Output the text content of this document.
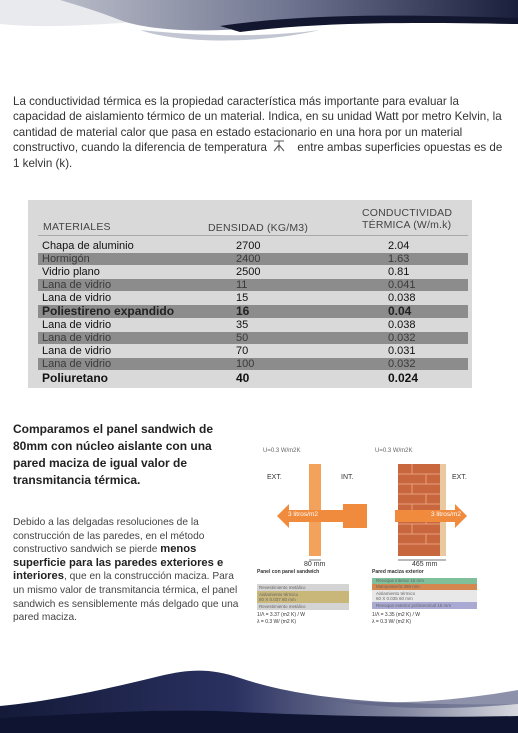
La conductividad térmica es la propiedad característica más importante para evaluar la capacidad de aislamiento térmico de un material. Indica, en su unidad Watt por metro Kelvin, la cantidad de material calor que pasa en estado estacionario en una hora por un material constructivo, cuando la diferencia de temperatura	entre ambas superficies opuestas es de 1 kelvin (k).
MATERIALES	DENSIDAD (KG/M3)
CONDUCTIVIDAD
TÉRMICA (W/m.k)
Chapa de aluminio	2700	2.04
Hormigón	2400	1.63
Vidrio plano	2500	0.81
Lana de vidrio	11	0.041
Lana de vidrio	15	0.038
Poliestireno expandido	16	0.04
Lana de vidrio	35	0.038
Lana de vidrio	50	0.032
Lana de vidrio	70	0.031
Lana de vidrio	100	0.032
Poliuretano	40	0.024
Comparamos el panel sandwich de 80mm con núcleo aislante con una pared maciza de igual valor de transmitancia térmica.
Debido a las delgadas resoluciones de la construcción de las paredes, en el método constructivo sandwich se pierde menos superficie para las paredes exteriores e interiores, que en la construcción maciza. Para un mismo valor de transmitancia térmica, el panel sandwich es sensiblemente más delgado que una pared maciza.
U=0.3 W/m2K	U=0.3 W/m2K
EXT.	INT.	EXT.
3 litros/m2	3 litros/m2
80 mm	465 mm
Panel con panel sandwich	Pared maciza exterior
Revestimiento metálico
Aislamiento térmico
80 X 0.037 80 mm
Revestimiento metálico
1/Λ = 3.37 (m2 K) / W
λ = 0.3 W/ (m2 K)
Revoque interior 15 mm
Mampostería 365 mm
Aislamiento térmico
60 X 0.035 60 mm
Revoque exterior polímero/cal 15 mm
1/Λ = 3.35 (m2 K) / W
λ = 0.3 W/ (m2 K)
